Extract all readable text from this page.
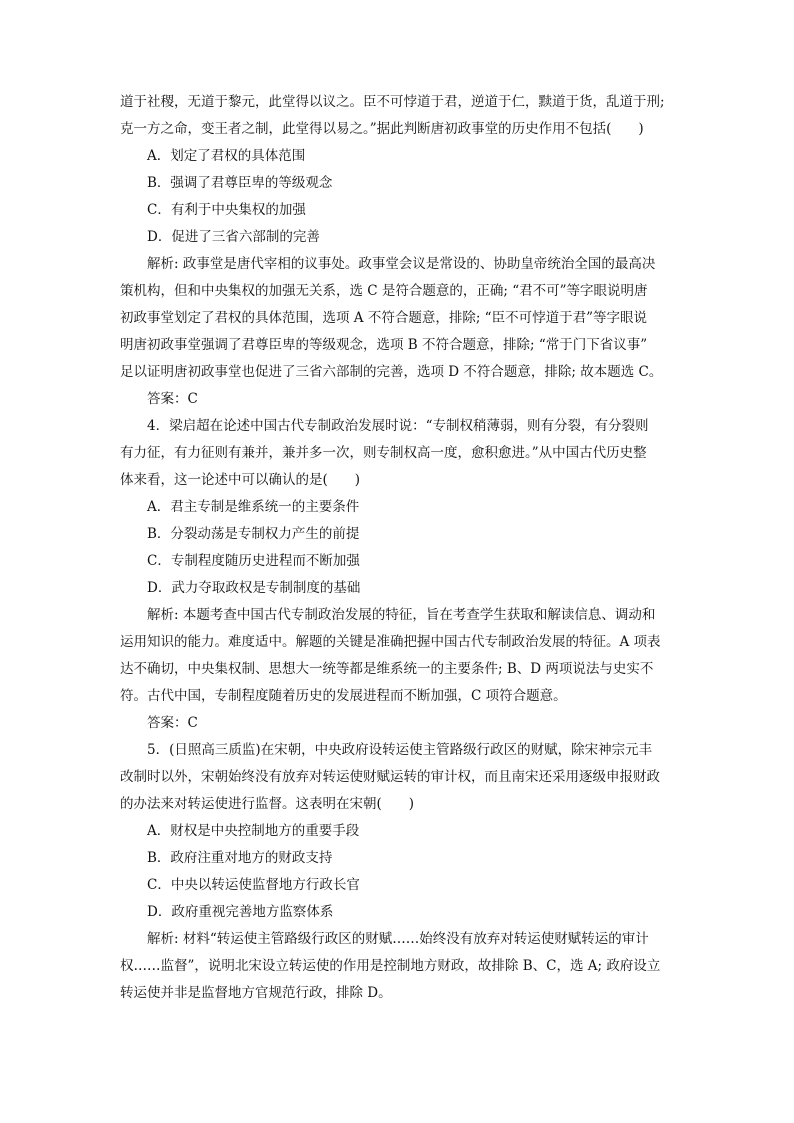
道于社稷，无道于黎元，此堂得以议之。臣不可悖道于君，逆道于仁，黩道于货，乱道于刑;
克一方之命，变王者之制，此堂得以易之。”据此判断唐初政事堂的历史作用不包括(　　)
A．划定了君权的具体范围
B．强调了君尊臣卑的等级观念
C．有利于中央集权的加强
D．促进了三省六部制的完善
解析: 政事堂是唐代宰相的议事处。政事堂会议是常设的、协助皇帝统治全国的最高决
策机构，但和中央集权的加强无关系，选 C 是符合题意的，正确; “君不可”等字眼说明唐
初政事堂划定了君权的具体范围，选项 A 不符合题意，排除; “臣不可悖道于君”等字眼说
明唐初政事堂强调了君尊臣卑的等级观念，选项 B 不符合题意，排除; “常于门下省议事”
足以证明唐初政事堂也促进了三省六部制的完善，选项 D 不符合题意，排除; 故本题选 C。
答案：C
4．梁启超在论述中国古代专制政治发展时说：“专制权稍薄弱，则有分裂，有分裂则
有力征，有力征则有兼并，兼并多一次，则专制权高一度，愈积愈进。”从中国古代历史整
体来看，这一论述中可以确认的是(　　)
A．君主专制是维系统一的主要条件
B．分裂动荡是专制权力产生的前提
C．专制程度随历史进程而不断加强
D．武力夺取政权是专制制度的基础
解析: 本题考查中国古代专制政治发展的特征，旨在考查学生获取和解读信息、调动和
运用知识的能力。难度适中。解题的关键是准确把握中国古代专制政治发展的特征。A 项表
达不确切，中央集权制、思想大一统等都是维系统一的主要条件; B、D 两项说法与史实不
符。古代中国，专制程度随着历史的发展进程而不断加强，C 项符合题意。
答案：C
5．(日照高三质监)在宋朝，中央政府设转运使主管路级行政区的财赋，除宋神宗元丰
改制时以外，宋朝始终没有放弃对转运使财赋运转的审计权，而且南宋还采用逐级申报财政
的办法来对转运使进行监督。这表明在宋朝(　　)
A．财权是中央控制地方的重要手段
B．政府注重对地方的财政支持
C．中央以转运使监督地方行政长官
D．政府重视完善地方监察体系
解析: 材料“转运使主管路级行政区的财赋……始终没有放弃对转运使财赋转运的审计
权……监督”，说明北宋设立转运使的作用是控制地方财政，故排除 B、C，选 A; 政府设立
转运使并非是监督地方官规范行政，排除 D。
